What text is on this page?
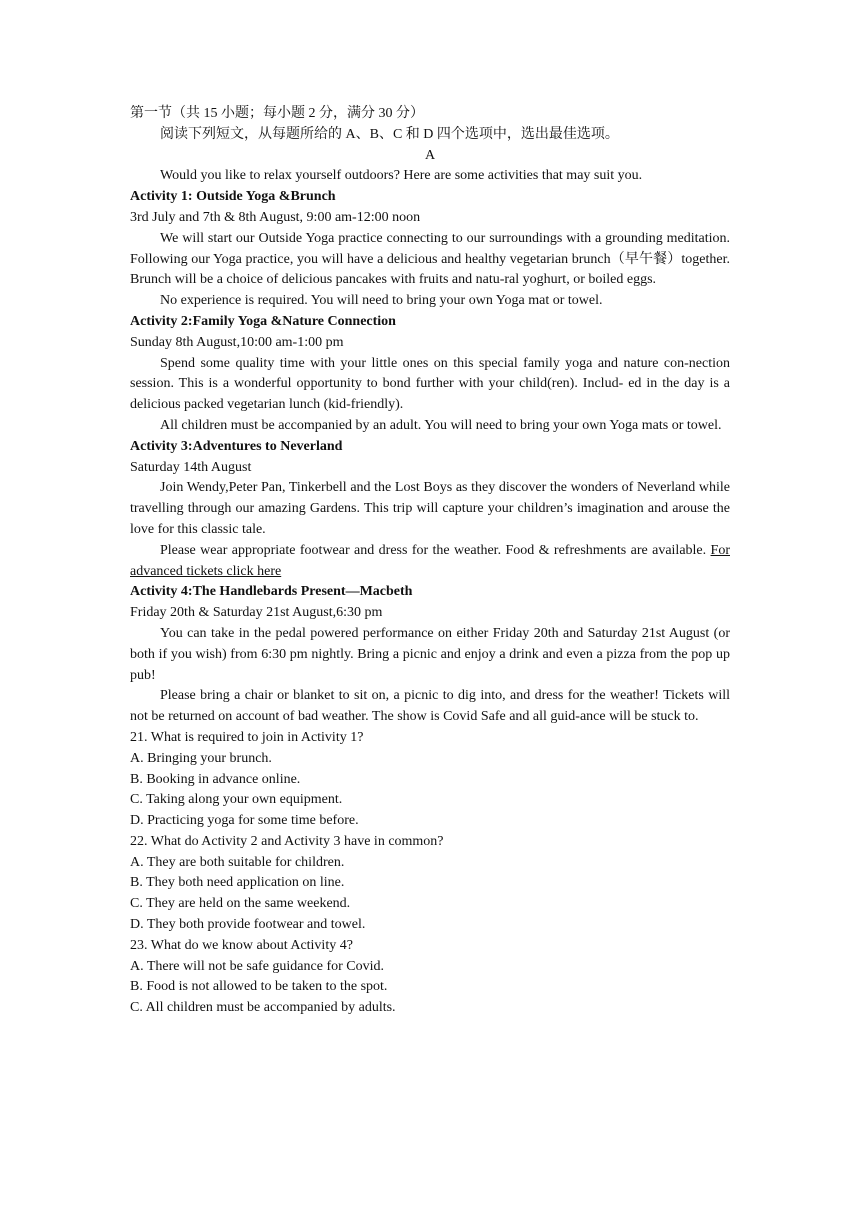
第一节（共 15 小题；每小题 2 分，满分 30 分）

阅读下列短文，从每题所给的 A、B、C 和 D 四个选项中，选出最佳选项。

A

Would you like to relax yourself outdoors? Here are some activities that may suit you.

Activity 1: Outside Yoga &Brunch

3rd July and 7th & 8th August, 9:00 am-12:00 noon

We will start our Outside Yoga practice connecting to our surroundings with a grounding meditation. Following our Yoga practice, you will have a delicious and healthy vegetarian brunch（早午餐）together. Brunch will be a choice of delicious pancakes with fruits and natu-ral yoghurt, or boiled eggs.

No experience is required. You will need to bring your own Yoga mat or towel.

Activity 2:Family Yoga &Nature Connection

Sunday 8th August,10:00 am-1:00 pm

Spend some quality time with your little ones on this special family yoga and nature con-nection session. This is a wonderful opportunity to bond further with your child(ren). Includ- ed in the day is a delicious packed vegetarian lunch (kid-friendly).

All children must be accompanied by an adult. You will need to bring your own Yoga mats or towel.

Activity 3:Adventures to Neverland

Saturday 14th August

Join Wendy,Peter Pan, Tinkerbell and the Lost Boys as they discover the wonders of Neverland while travelling through our amazing Gardens. This trip will capture your children’s imagination and arouse the love for this classic tale.

Please wear appropriate footwear and dress for the weather. Food & refreshments are available. For advanced tickets click here

Activity 4:The Handlebards Present—Macbeth

Friday 20th & Saturday 21st August,6:30 pm

You can take in the pedal powered performance on either Friday 20th and Saturday 21st August (or both if you wish) from 6:30 pm nightly. Bring a picnic and enjoy a drink and even a pizza from the pop up pub!

Please bring a chair or blanket to sit on, a picnic to dig into, and dress for the weather! Tickets will not be returned on account of bad weather. The show is Covid Safe and all guid-ance will be stuck to.

21. What is required to join in Activity 1?

A. Bringing your brunch.

B. Booking in advance online.

C. Taking along your own equipment.

D. Practicing yoga for some time before.

22. What do Activity 2 and Activity 3 have in common?

A. They are both suitable for children.

B. They both need application on line.

C. They are held on the same weekend.

D. They both provide footwear and towel.

23. What do we know about Activity 4?

A. There will not be safe guidance for Covid.

B. Food is not allowed to be taken to the spot.

C. All children must be accompanied by adults.
